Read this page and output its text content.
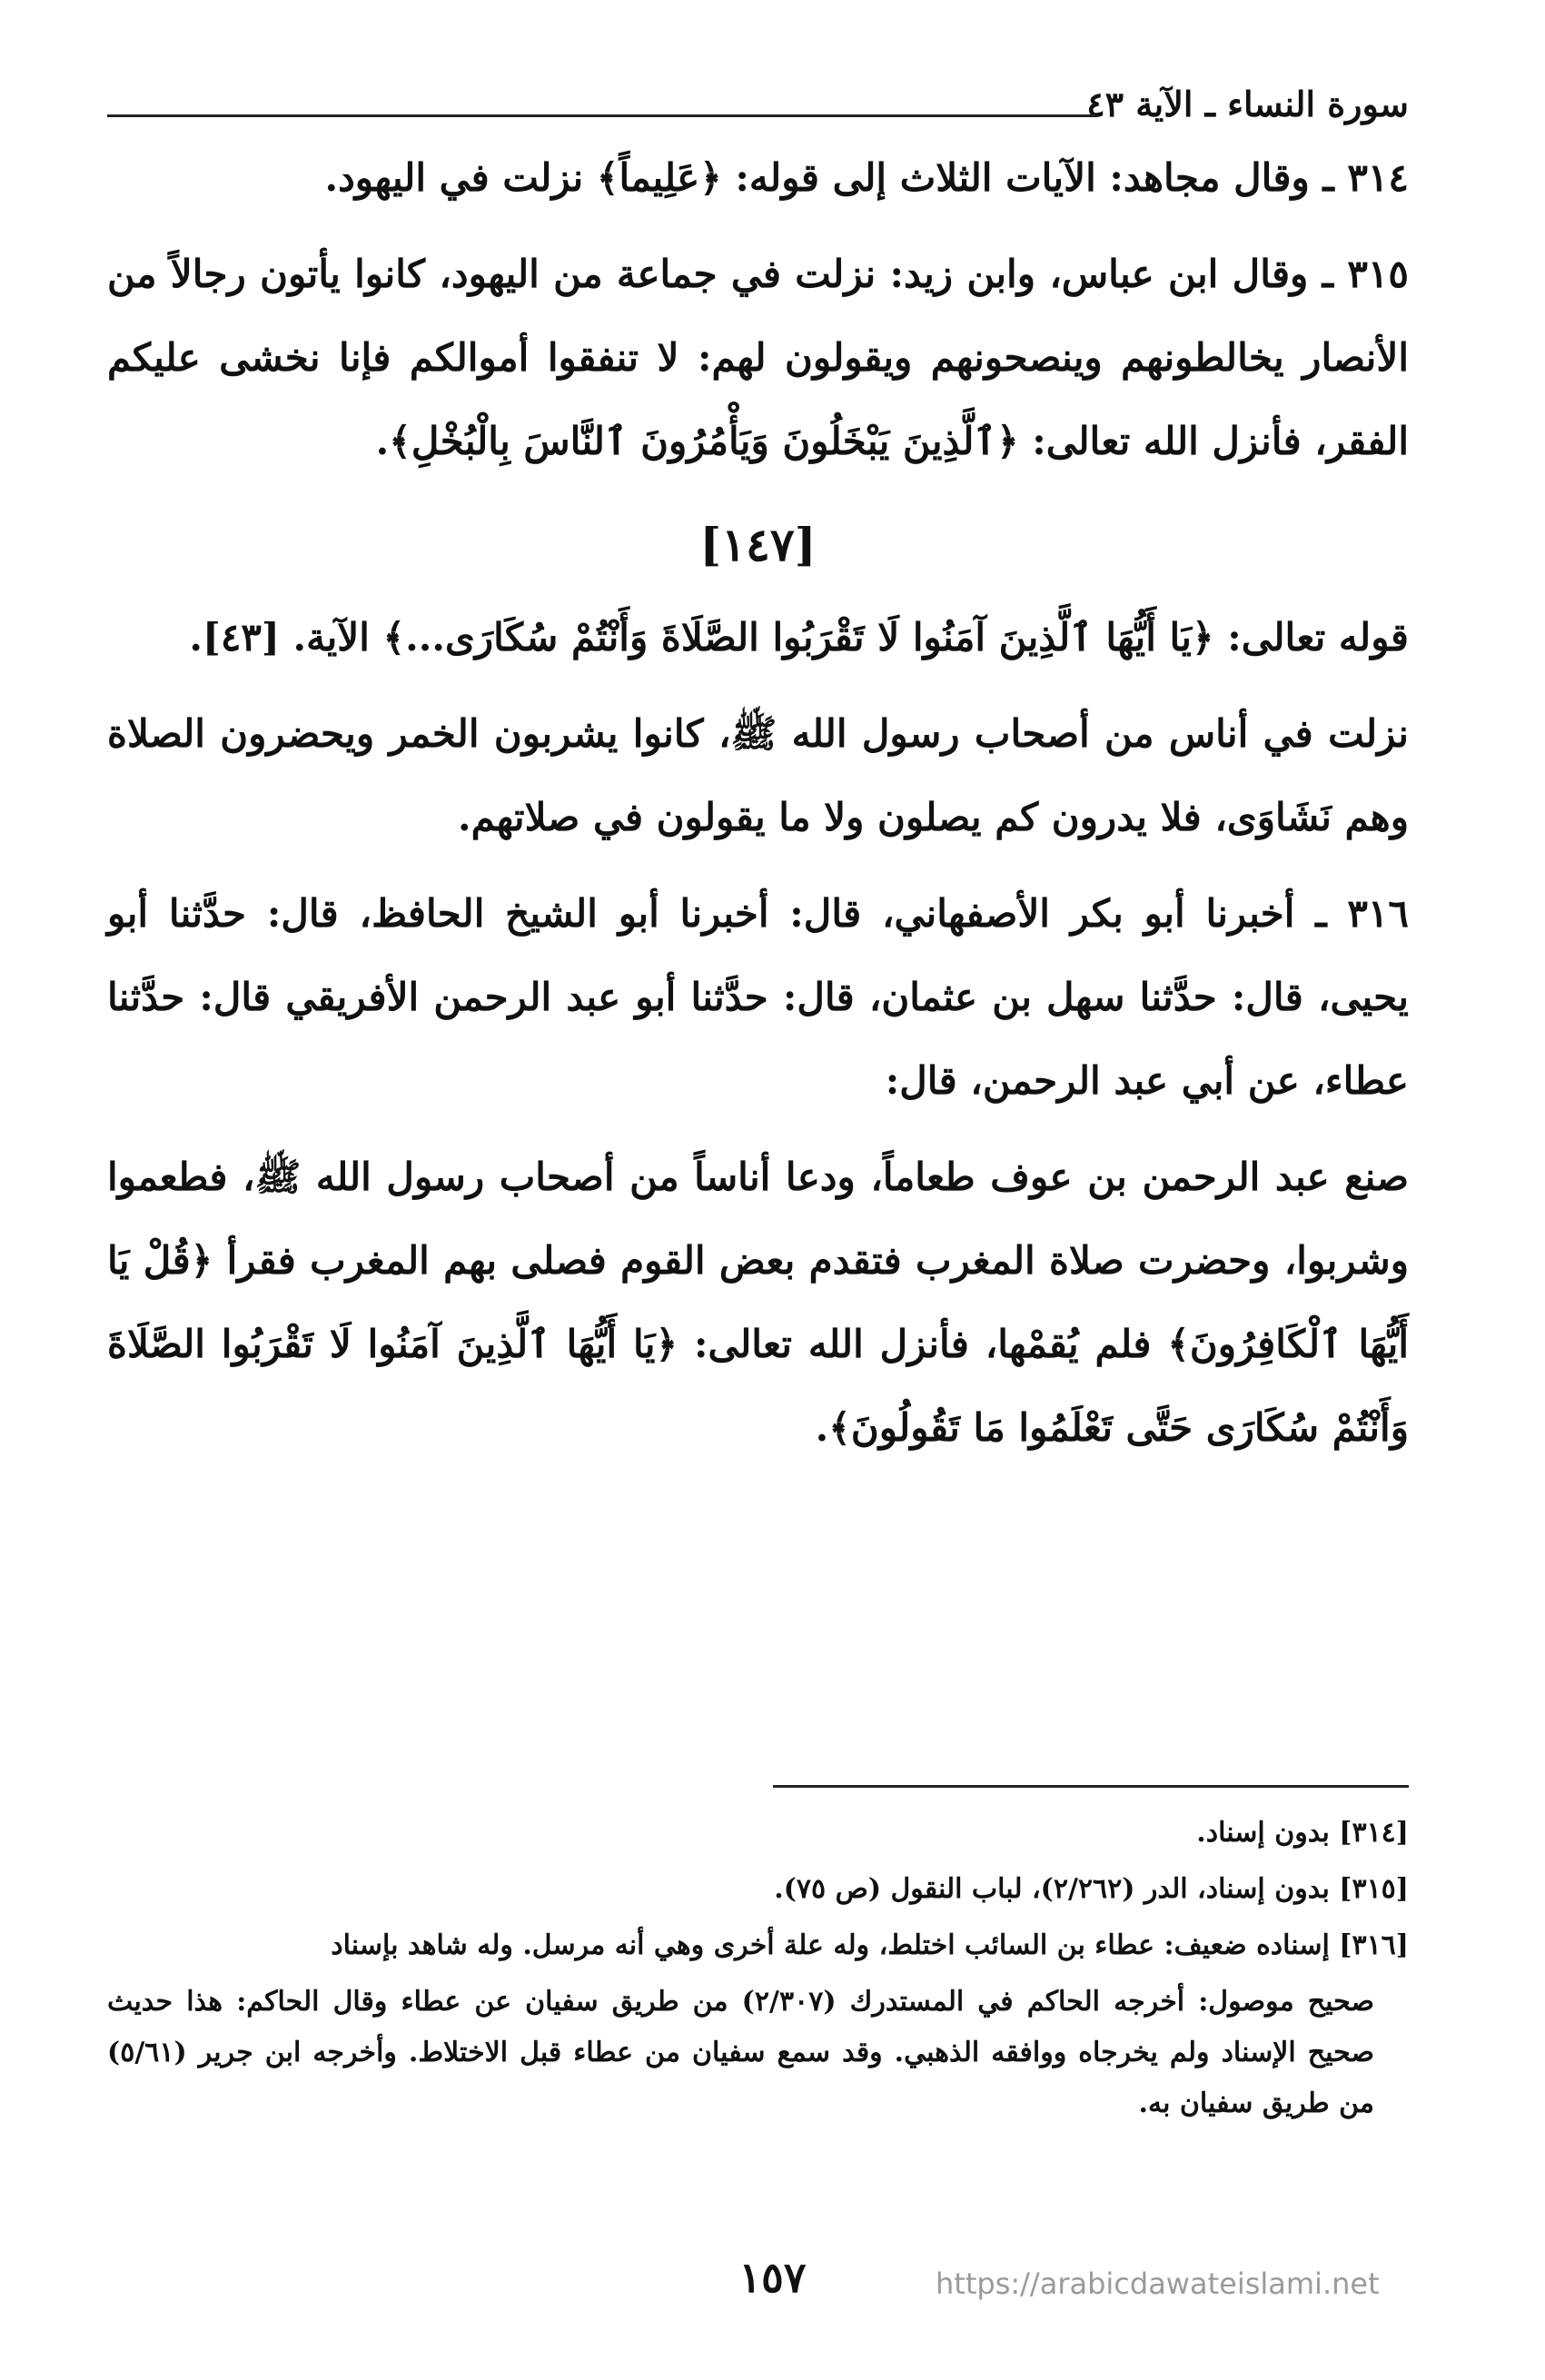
سورة النساء ـ الآية ٤٣

٣١٤ ـ وقال مجاهد: الآيات الثلاث إلى قوله: ﴿عَلِيماً﴾ نزلت في اليهود.

٣١٥ ـ وقال ابن عباس، وابن زيد: نزلت في جماعة من اليهود، كانوا يأتون رجالاً من الأنصار يخالطونهم وينصحونهم ويقولون لهم: لا تنفقوا أموالكم فإنا نخشى عليكم الفقر، فأنزل الله تعالى: ﴿ٱلَّذِينَ يَبْخَلُونَ وَيَأْمُرُونَ ٱلنَّاسَ بِالْبُخْلِ﴾.

[١٤٧]

قوله تعالى: ﴿يَا أَيُّهَا ٱلَّذِينَ آمَنُوا لَا تَقْرَبُوا الصَّلَاةَ وَأَنْتُمْ سُكَارَى...﴾ الآية. [٤٣].

نزلت في أناس من أصحاب رسول الله ﷺ، كانوا يشربون الخمر ويحضرون الصلاة وهم نَشَاوَى، فلا يدرون كم يصلون ولا ما يقولون في صلاتهم.

٣١٦ ـ أخبرنا أبو بكر الأصفهاني، قال: أخبرنا أبو الشيخ الحافظ، قال: حدَّثنا أبو يحيى، قال: حدَّثنا سهل بن عثمان، قال: حدَّثنا أبو عبد الرحمن الأفريقي قال: حدَّثنا عطاء، عن أبي عبد الرحمن، قال:

صنع عبد الرحمن بن عوف طعاماً، ودعا أناساً من أصحاب رسول الله ﷺ، فطعموا وشربوا، وحضرت صلاة المغرب فتقدم بعض القوم فصلى بهم المغرب فقرأ ﴿قُلْ يَا أَيُّهَا ٱلْكَافِرُونَ﴾ فلم يُقمْها، فأنزل الله تعالى: ﴿يَا أَيُّهَا ٱلَّذِينَ آمَنُوا لَا تَقْرَبُوا الصَّلَاةَ وَأَنْتُمْ سُكَارَى حَتَّى تَعْلَمُوا مَا تَقُولُونَ﴾.

[٣١٤] بدون إسناد.

[٣١٥] بدون إسناد، الدر (٢/٢٦٢)، لباب النقول (ص ٧٥).

[٣١٦] إسناده ضعيف: عطاء بن السائب اختلط، وله علة أخرى وهي أنه مرسل. وله شاهد بإسناد

صحيح موصول: أخرجه الحاكم في المستدرك (٢/٣٠٧) من طريق سفيان عن عطاء وقال الحاكم: هذا حديث صحيح الإسناد ولم يخرجاه ووافقه الذهبي. وقد سمع سفيان من عطاء قبل الاختلاط. وأخرجه ابن جرير (٥/٦١) من طريق سفيان به.

١٥٧	https://arabicdawateislami.net
